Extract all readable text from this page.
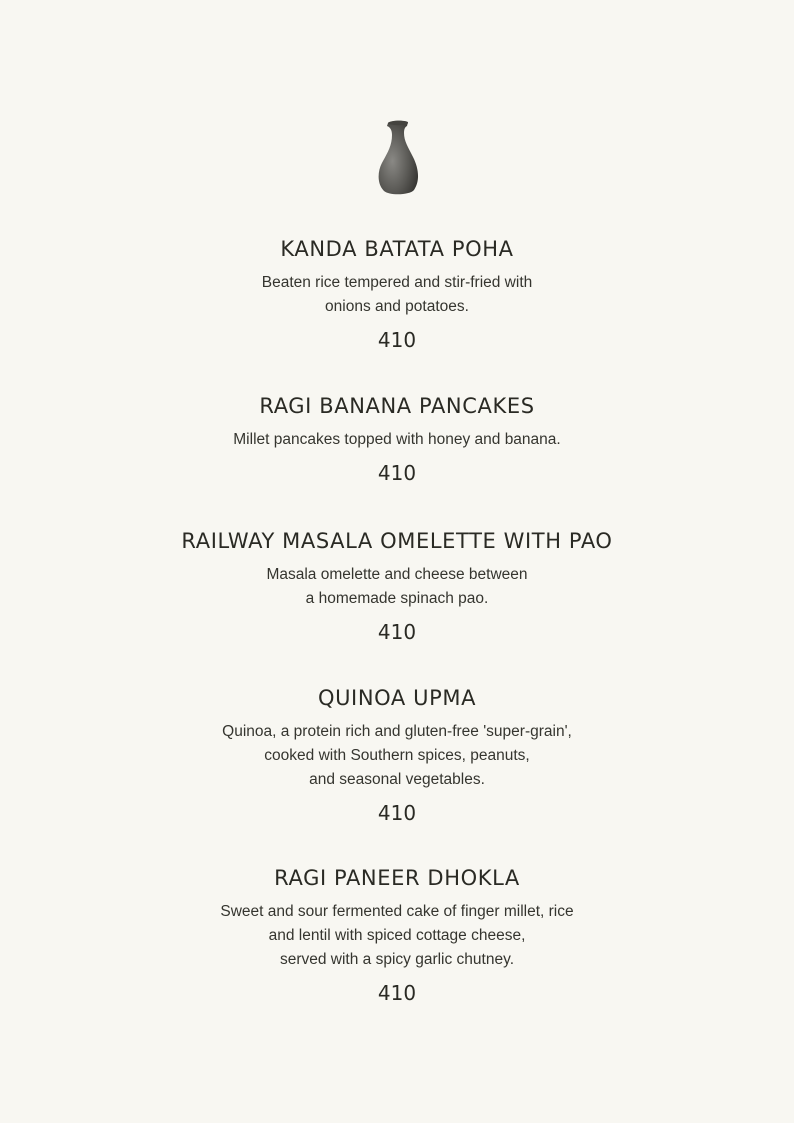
KANDA BATATA POHA
Beaten rice tempered and stir-fried with
onions and potatoes.
410
RAGI BANANA PANCAKES
Millet pancakes topped with honey and banana.
410
RAILWAY MASALA OMELETTE WITH PAO
Masala omelette and cheese between
a homemade spinach pao.
410
QUINOA UPMA
Quinoa, a protein rich and gluten-free 'super-grain',
cooked with Southern spices, peanuts,
and seasonal vegetables.
410
RAGI PANEER DHOKLA
Sweet and sour fermented cake of finger millet, rice
and lentil with spiced cottage cheese,
served with a spicy garlic chutney.
410
